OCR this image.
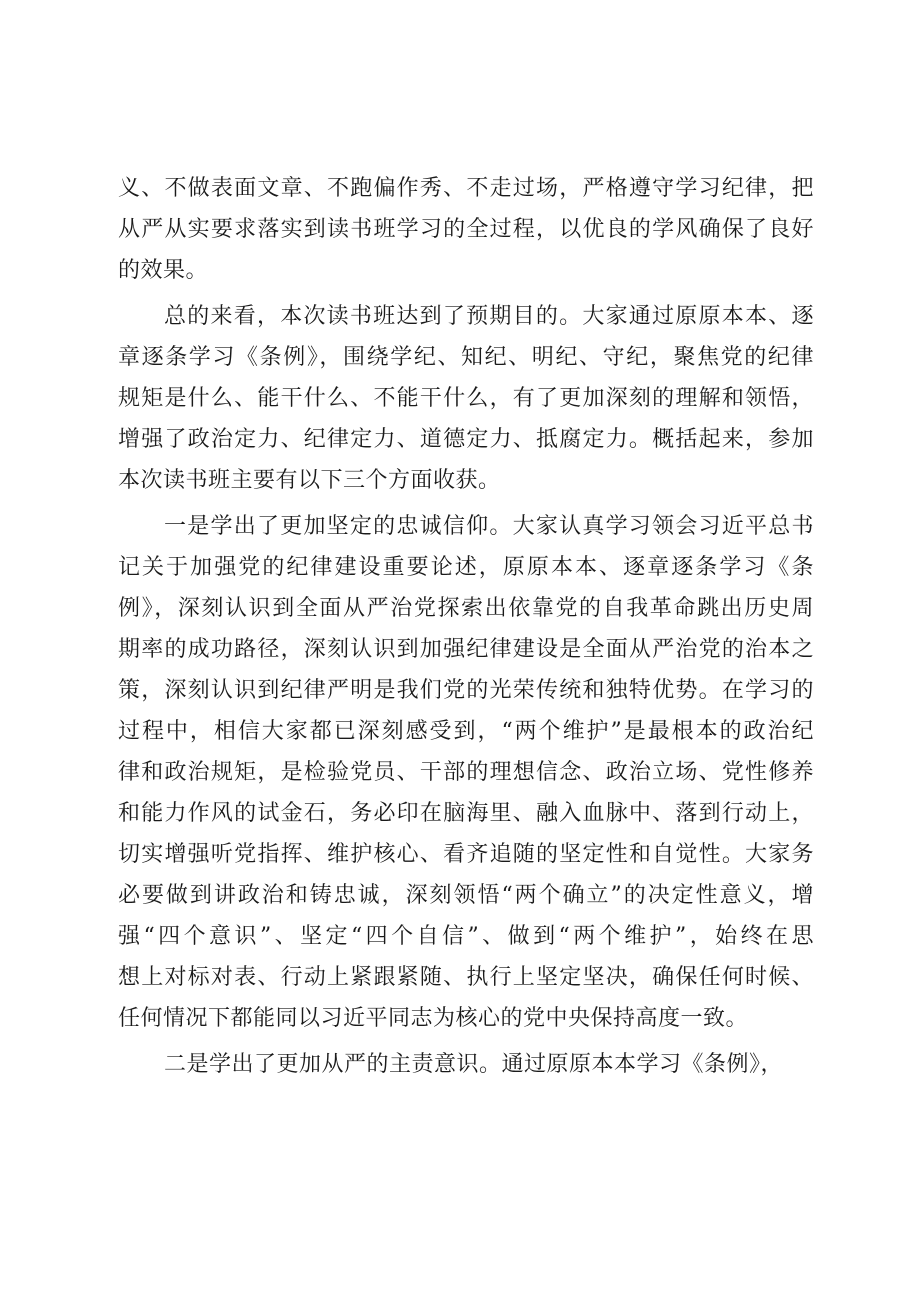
义、不做表面文章、不跑偏作秀、不走过场，严格遵守学习纪律，把
从严从实要求落实到读书班学习的全过程，以优良的学风确保了良好
的效果。
总的来看，本次读书班达到了预期目的。大家通过原原本本、逐
章逐条学习《条例》，围绕学纪、知纪、明纪、守纪，聚焦党的纪律
规矩是什么、能干什么、不能干什么，有了更加深刻的理解和领悟，
增强了政治定力、纪律定力、道德定力、抵腐定力。概括起来，参加
本次读书班主要有以下三个方面收获。
一是学出了更加坚定的忠诚信仰。大家认真学习领会习近平总书
记关于加强党的纪律建设重要论述，原原本本、逐章逐条学习《条
例》，深刻认识到全面从严治党探索出依靠党的自我革命跳出历史周
期率的成功路径，深刻认识到加强纪律建设是全面从严治党的治本之
策，深刻认识到纪律严明是我们党的光荣传统和独特优势。在学习的
过程中，相信大家都已深刻感受到，“两个维护”是最根本的政治纪
律和政治规矩，是检验党员、干部的理想信念、政治立场、党性修养
和能力作风的试金石，务必印在脑海里、融入血脉中、落到行动上，
切实增强听党指挥、维护核心、看齐追随的坚定性和自觉性。大家务
必要做到讲政治和铸忠诚，深刻领悟“两个确立”的决定性意义，增
强“四个意识”、坚定“四个自信”、做到“两个维护”，始终在思
想上对标对表、行动上紧跟紧随、执行上坚定坚决，确保任何时候、
任何情况下都能同以习近平同志为核心的党中央保持高度一致。
二是学出了更加从严的主责意识。通过原原本本学习《条例》，
